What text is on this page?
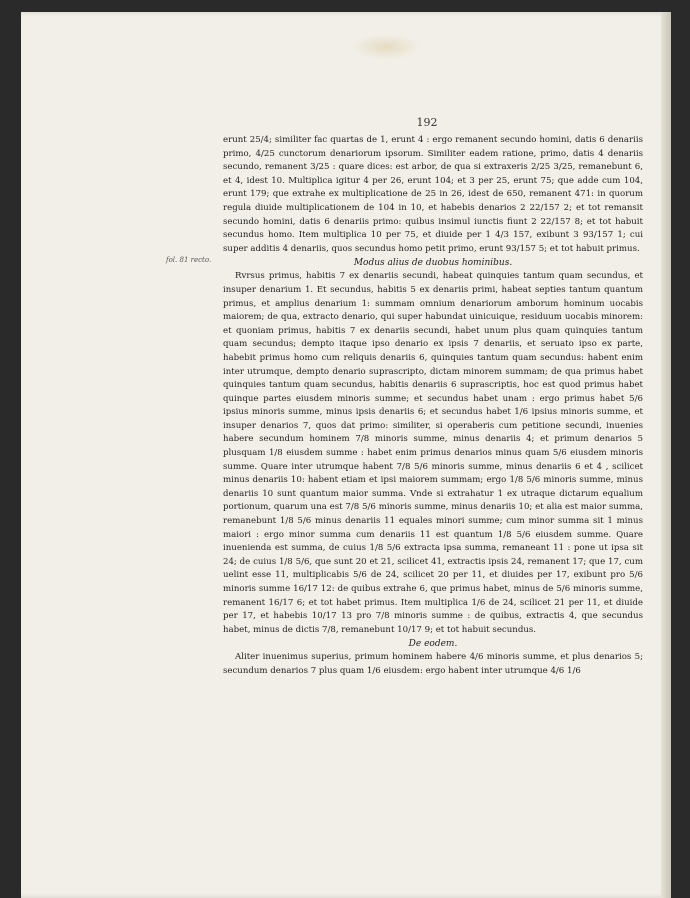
192
fol. 81 recto.

erunt 25/4; similiter fac quartas de 1, erunt 4 : ergo remanent secundo homini, datis 6 denariis primo, 4/25 cunctorum denariorum ipsorum. Similiter eadem ratione, primo, datis 4 denariis secundo, remanent 3/25 : quare dices: est arbor, de qua si extraxeris 2/25 3/25, remanebunt 6, et 4, idest 10. Multiplica igitur 4 per 26, erunt 104; et 3 per 25, erunt 75; que adde cum 104, erunt 179; que extrahe ex multiplicatione de 25 in 26, idest de 650, remanent 471: in quorum regula diuide multiplicationem de 104 in 10, et habebis denarios 2 22/157 2; et tot remansit secundo homini, datis 6 denariis primo: quibus insimul iunctis fiunt 2 22/157 8; et tot habuit secundus homo. Item multiplica 10 per 75, et diuide per 1 4/3 157, exibunt 3 93/157 1; cui super additis 4 denariis, quos secundus homo petit primo, erunt 93/157 5; et tot habuit primus.

Modus alius de duobus hominibus.

Rvrsus primus, habitis 7 ex denariis secundi, habeat quinquies tantum quam secundus, et insuper denarium 1. Et secundus, habitis 5 ex denariis primi, habeat septies tantum quantum primus, et amplius denarium 1: summam omnium denariorum amborum hominum uocabis maiorem; de qua, extracto denario, qui super habundat uinicuique, residuum uocabis minorem: et quoniam primus, habitis 7 ex denariis secundi, habet unum plus quam quinquies tantum quam secundus; dempto itaque ipso denario ex ipsis 7 denariis, et seruato ipso ex parte, habebit primus homo cum reliquis denariis 6, quinquies tantum quam secundus: habent enim inter utrumque, dempto denario suprascripto, dictam minorem summam; de qua primus habet quinquies tantum quam secundus, habitis denariis 6 suprascriptis, hoc est quod primus habet quinque partes eiusdem minoris summe; et secundus habet unam : ergo primus habet 5/6 ipsius minoris summe, minus ipsis denariis 6; et secundus habet 1/6 ipsius minoris summe, et insuper denarios 7, quos dat primo: similiter, si operaberis cum petitione secundi, inuenies habere secundum hominem 7/8 minoris summe, minus denariis 4; et primum denarios 5 plusquam 1/8 eiusdem summe : habet enim primus denarios minus quam 5/6 eiusdem minoris summe. Quare inter utrumque habent 7/8 5/6 minoris summe, minus denariis 6 et 4 , scilicet minus denariis 10: habent etiam et ipsi maiorem summam; ergo 1/8 5/6 minoris summe, minus denariis 10 sunt quantum maior summa. Vnde si extrahatur 1 ex utraque dictarum equalium portionum, quarum una est 7/8 5/6 minoris summe, minus denariis 10; et alia est maior summa, remanebunt 1/8 5/6 minus denariis 11 equales minori summe; cum minor summa sit 1 minus maiori : ergo minor summa cum denariis 11 est quantum 1/8 5/6 eiusdem summe. Quare inuenienda est summa, de cuius 1/8 5/6 extracta ipsa summa, remaneant 11 : pone ut ipsa sit 24; de cuius 1/8 5/6, que sunt 20 et 21, scilicet 41, extractis ipsis 24, remanent 17; que 17, cum uelint esse 11, multiplicabis 5/6 de 24, scilicet 20 per 11, et diuides per 17, exibunt pro 5/6 minoris summe 16/17 12: de quibus extrahe 6, que primus habet, minus de 5/6 minoris summe, remanent 16/17 6; et tot habet primus. Item multiplica 1/6 de 24, scilicet 21 per 11, et diuide per 17, et habebis 10/17 13 pro 7/8 minoris summe : de quibus, extractis 4, que secundus habet, minus de dictis 7/8, remanebunt 10/17 9; et tot habuit secundus.

De eodem.

Aliter inuenimus superius, primum hominem habere 4/6 minoris summe, et plus denarios 5; secundum denarios 7 plus quam 1/6 eiusdem: ergo habent inter utrumque 4/6 1/6
